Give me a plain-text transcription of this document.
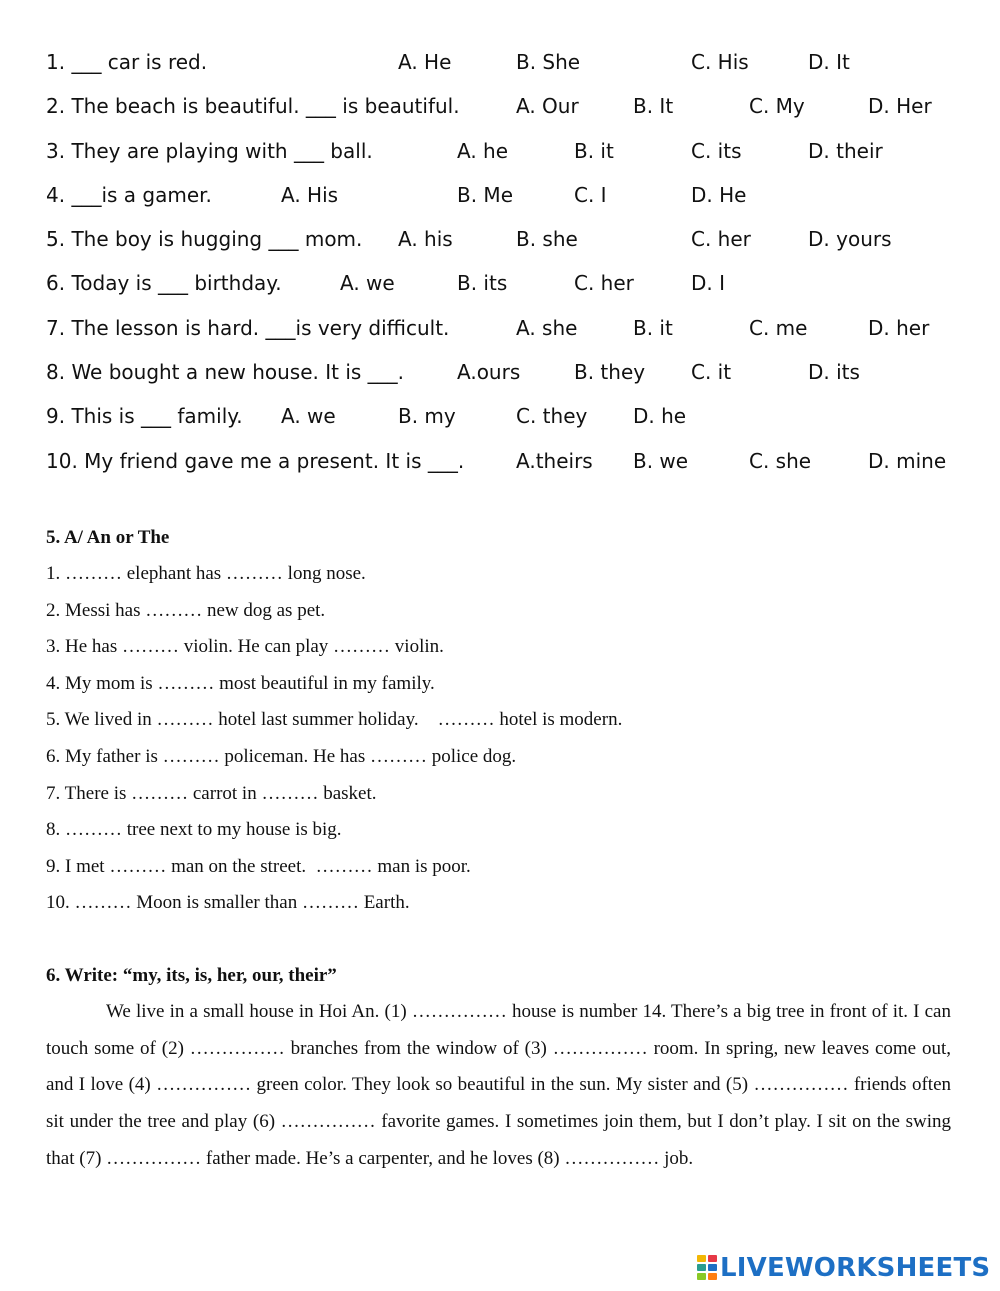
1. ___ car is red.	A. He	B. She	C. His	D. It
2. The beach is beautiful. ___ is beautiful.	A. Our	B. It	C. My	D. Her
3. They are playing with ___ ball.	A. he	B. it	C. its	D. their
4. ___is a gamer.	A. His	B. Me	C. I	D. He
5. The boy is hugging ___ mom. A. his	B. she	C. her	D. yours
6. Today is ___ birthday.	A. we	B. its	C. her	D. I
7. The lesson is hard. ___is very difficult.	A. she	B. it	C. me	D. her
8. We bought a new house. It is ___.	A.ours	B. they C. it	D. its
9. This is ___ family. A. we	B. my	C. they D. he
10. My friend gave me a present. It is ___.	A.theirs B. we	C. she	D. mine
5. A/ An or The
1. ……… elephant has ……… long nose.
2. Messi has ……… new dog as pet.
3. He has ……… violin. He can play ……… violin.
4. My mom is ……… most beautiful in my family.
5. We lived in ……… hotel last summer holiday.    ……… hotel is modern.
6. My father is ……… policeman. He has ……… police dog.
7. There is ……… carrot in ……… basket.
8. ……… tree next to my house is big.
9. I met ……… man on the street.  ……… man is poor.
10. ……… Moon is smaller than ……… Earth.
6. Write: “my, its, is, her, our, their”

We live in a small house in Hoi An. (1) …………… house is number 14. There’s a big tree in front of it. I can touch some of (2) …………… branches from the window of (3) …………… room. In spring, new leaves come out, and I love (4) …………… green color. They look so beautiful in the sun. My sister and (5) …………… friends often sit under the tree and play (6) …………… favorite games. I sometimes join them, but I don’t play. I sit on the swing that (7) …………… father made. He’s a carpenter, and he loves (8) …………… job.

LIVEWORKSHEETS
